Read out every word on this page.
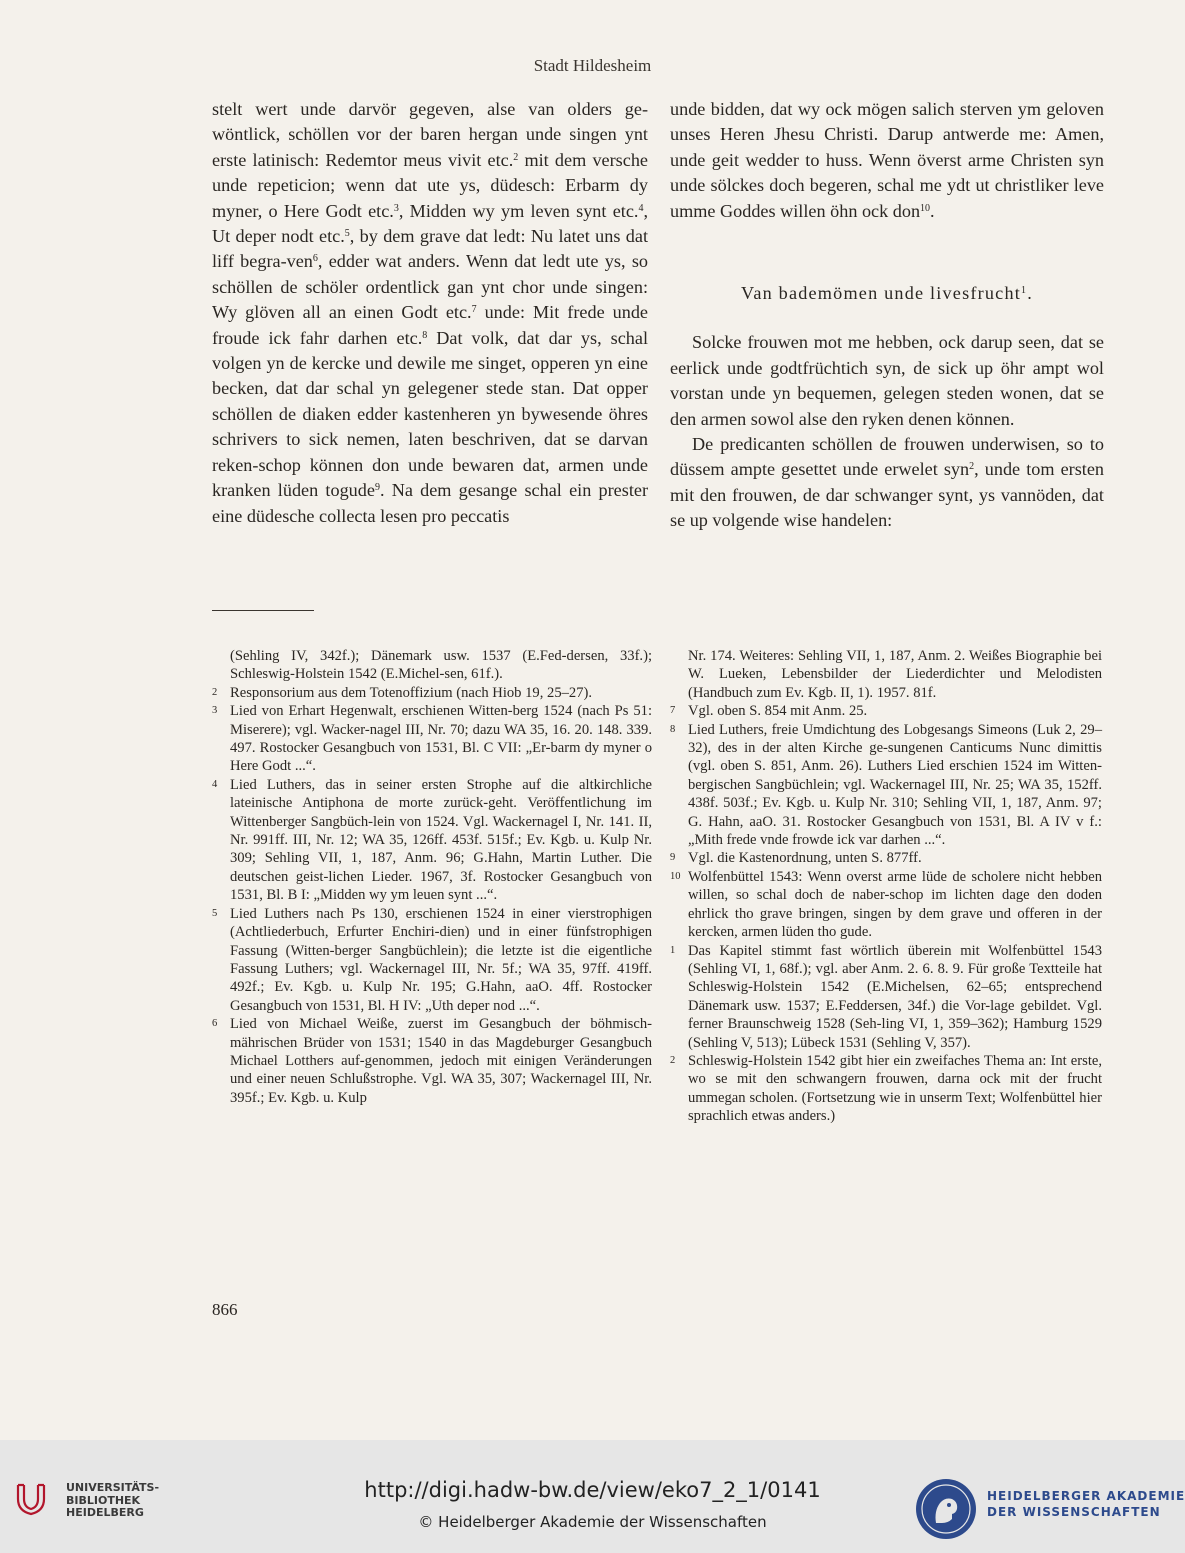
Stadt Hildesheim

stelt wert unde darvör gegeven, alse van olders ge-wöntlick, schöllen vor der baren hergan unde singen ynt erste latinisch: Redemtor meus vivit etc.$^2$ mit dem versche unde repeticion; wenn dat ute ys, düdesch: Erbarm dy myner, o Here Godt etc.$^3$, Midden wy ym leven synt etc.$^4$, Ut deper nodt etc.$^5$, by dem grave dat ledt: Nu latet uns dat liff begra-ven$^6$, edder wat anders. Wenn dat ledt ute ys, so schöllen de schöler ordentlick gan ynt chor unde singen: Wy glöven all an einen Godt etc.$^7$ unde: Mit frede unde froude ick fahr darhen etc.$^8$ Dat volk, dat dar ys, schal volgen yn de kercke und dewile me singet, opperen yn eine becken, dat dar schal yn gelegener stede stan. Dat opper schöllen de diaken edder kastenheren yn bywesende öhres schrivers to sick nemen, laten beschriven, dat se darvan reken-schop können don unde bewaren dat, armen unde kranken lüden togude$^9$. Na dem gesange schal ein prester eine düdesche collecta lesen pro peccatis

unde bidden, dat wy ock mögen salich sterven ym geloven unses Heren Jhesu Christi. Darup antwerde me: Amen, unde geit wedder to huss. Wenn överst arme Christen syn unde sölckes doch begeren, schal me ydt ut christliker leve umme Goddes willen öhn ock don$^{10}$.

Van bademömen unde livesfrucht$^1$.

Solcke frouwen mot me hebben, ock darup seen, dat se eerlick unde godtfrüchtich syn, de sick up öhr ampt wol vorstan unde yn bequemen, gelegen steden wonen, dat se den armen sowol alse den ryken denen können.

De predicanten schöllen de frouwen underwisen, so to düssem ampte gesettet unde erwelet syn$^2$, unde tom ersten mit den frouwen, de dar schwanger synt, ys vannöden, dat se up volgende wise handelen:

(Sehling IV, 342f.); Dänemark usw. 1537 (E.Fed-dersen, 33f.); Schleswig-Holstein 1542 (E.Michel-sen, 61f.).
2 Responsorium aus dem Totenoffizium (nach Hiob 19, 25–27).
3 Lied von Erhart Hegenwalt, erschienen Witten-berg 1524 (nach Ps 51: Miserere); vgl. Wacker-nagel III, Nr. 70; dazu WA 35, 16. 20. 148. 339. 497. Rostocker Gesangbuch von 1531, Bl. C VII: „Er-barm dy myner o Here Godt ...“.
4 Lied Luthers, das in seiner ersten Strophe auf die altkirchliche lateinische Antiphona de morte zurück-geht. Veröffentlichung im Wittenberger Sangbüch-lein von 1524. Vgl. Wackernagel I, Nr. 141. II, Nr. 991ff. III, Nr. 12; WA 35, 126ff. 453f. 515f.; Ev. Kgb. u. Kulp Nr. 309; Sehling VII, 1, 187, Anm. 96; G.Hahn, Martin Luther. Die deutschen geist-lichen Lieder. 1967, 3f. Rostocker Gesangbuch von 1531, Bl. B I: „Midden wy ym leuen synt ...“.
5 Lied Luthers nach Ps 130, erschienen 1524 in einer vierstrophigen (Achtliederbuch, Erfurter Enchiri-dien) und in einer fünfstrophigen Fassung (Witten-berger Sangbüchlein); die letzte ist die eigentliche Fassung Luthers; vgl. Wackernagel III, Nr. 5f.; WA 35, 97ff. 419ff. 492f.; Ev. Kgb. u. Kulp Nr. 195; G.Hahn, aaO. 4ff. Rostocker Gesangbuch von 1531, Bl. H IV: „Uth deper nod ...“.
6 Lied von Michael Weiße, zuerst im Gesangbuch der böhmisch-mährischen Brüder von 1531; 1540 in das Magdeburger Gesangbuch Michael Lotthers auf-genommen, jedoch mit einigen Veränderungen und einer neuen Schlußstrophe. Vgl. WA 35, 307; Wackernagel III, Nr. 395f.; Ev. Kgb. u. Kulp
Nr. 174. Weiteres: Sehling VII, 1, 187, Anm. 2. Weißes Biographie bei W. Lueken, Lebensbilder der Liederdichter und Melodisten (Handbuch zum Ev. Kgb. II, 1). 1957. 81f.
7 Vgl. oben S. 854 mit Anm. 25.
8 Lied Luthers, freie Umdichtung des Lobgesangs Simeons (Luk 2, 29–32), des in der alten Kirche ge-sungenen Canticums Nunc dimittis (vgl. oben S. 851, Anm. 26). Luthers Lied erschien 1524 im Witten-bergischen Sangbüchlein; vgl. Wackernagel III, Nr. 25; WA 35, 152ff. 438f. 503f.; Ev. Kgb. u. Kulp Nr. 310; Sehling VII, 1, 187, Anm. 97; G. Hahn, aaO. 31. Rostocker Gesangbuch von 1531, Bl. A IV v f.: „Mith frede vnde frowde ick var darhen ...“.
9 Vgl. die Kastenordnung, unten S. 877ff.
10 Wolfenbüttel 1543: Wenn overst arme lüde de scholere nicht hebben willen, so schal doch de naber-schop im lichten dage den doden ehrlick tho grave bringen, singen by dem grave und offeren in der kercken, armen lüden tho gude.
1 Das Kapitel stimmt fast wörtlich überein mit Wolfenbüttel 1543 (Sehling VI, 1, 68f.); vgl. aber Anm. 2. 6. 8. 9. Für große Textteile hat Schleswig-Holstein 1542 (E.Michelsen, 62–65; entsprechend Dänemark usw. 1537; E.Feddersen, 34f.) die Vor-lage gebildet. Vgl. ferner Braunschweig 1528 (Seh-ling VI, 1, 359–362); Hamburg 1529 (Sehling V, 513); Lübeck 1531 (Sehling V, 357).
2 Schleswig-Holstein 1542 gibt hier ein zweifaches Thema an: Int erste, wo se mit den schwangern frouwen, darna ock mit der frucht ummegan scholen. (Fortsetzung wie in unserm Text; Wolfenbüttel hier sprachlich etwas anders.)
866
UNIVERSITÄTS-
BIBLIOTHEK
HEIDELBERG
http://digi.hadw-bw.de/view/eko7_2_1/0141
© Heidelberger Akademie der Wissenschaften
HEIDELBERGER AKADEMIE
DER WISSENSCHAFTEN
